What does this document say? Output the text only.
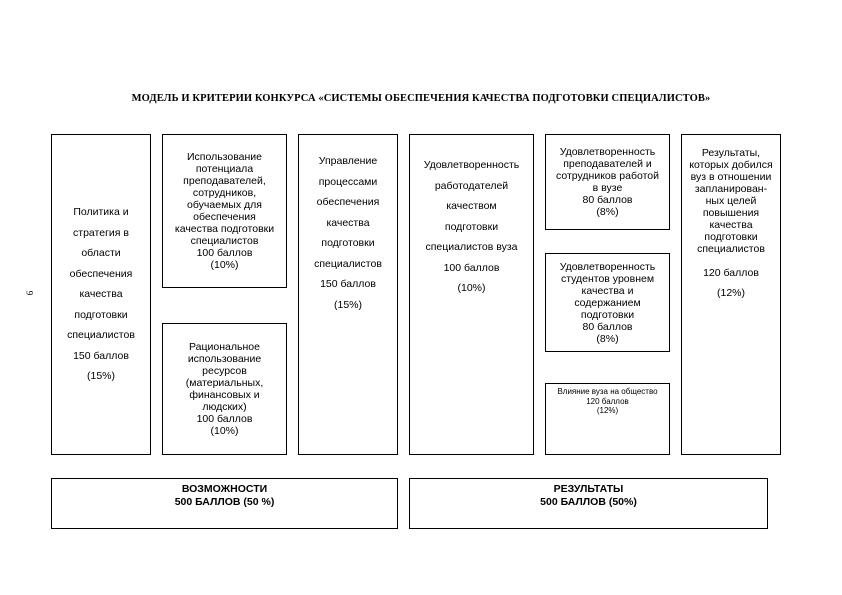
9
МОДЕЛЬ И КРИТЕРИИ КОНКУРСА «СИСТЕМЫ ОБЕСПЕЧЕНИЯ КАЧЕСТВА ПОДГОТОВКИ СПЕЦИАЛИСТОВ»
Политика и
стратегия в
области
обеспечения
качества
подготовки
специалистов
150 баллов
(15%)
Использование
потенциала
преподавателей,
сотрудников,
обучаемых для
обеспечения
качества подготовки
специалистов
100 баллов
(10%)
Рациональное
использование
ресурсов
(материальных,
финансовых и
людских)
100 баллов
(10%)
Управление
процессами
обеспечения
качества
подготовки
специалистов
150 баллов
(15%)
Удовлетворенность
работодателей
качеством
подготовки
специалистов вуза
100 баллов
(10%)
Удовлетворенность
преподавателей и
сотрудников работой
в вузе
80 баллов
(8%)
Удовлетворенность
студентов уровнем
качества и
содержанием
подготовки
80 баллов
(8%)
Влияние вуза на общество
120 баллов
(12%)
Результаты,
которых добился
вуз в отношении
запланирован-
ных целей
повышения
качества
подготовки
специалистов
120 баллов
(12%)
ВОЗМОЖНОСТИ
500 БАЛЛОВ (50 %)
РЕЗУЛЬТАТЫ
500 БАЛЛОВ (50%)
